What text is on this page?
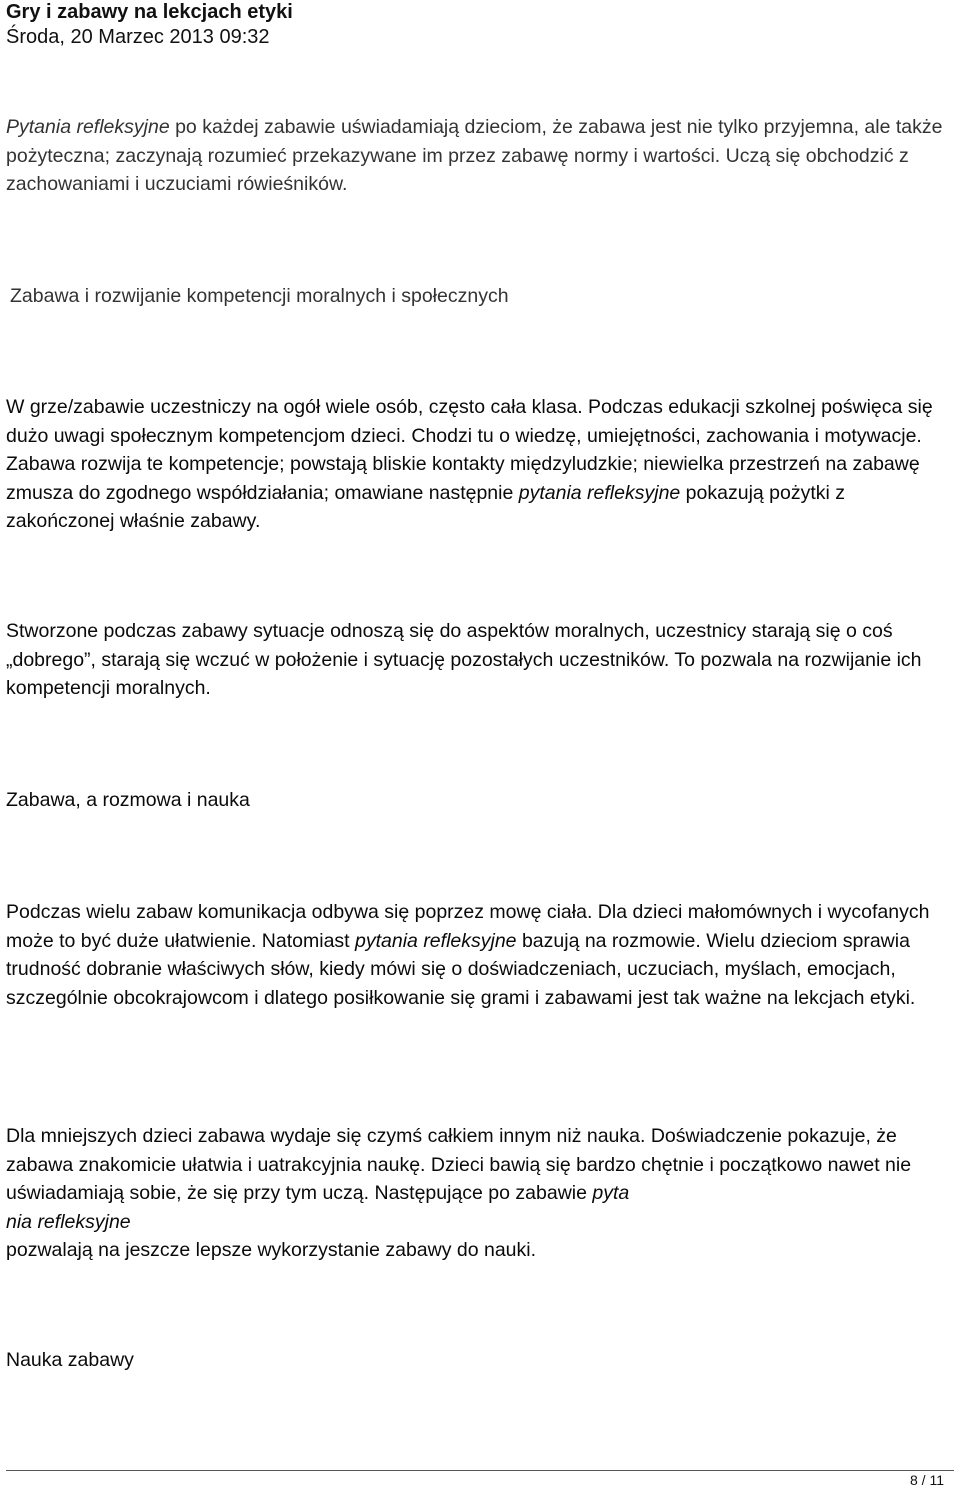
Gry i zabawy na lekcjach etyki
Środa, 20 Marzec 2013 09:32

Pytania refleksyjne po każdej zabawie uświadamiają dzieciom, że zabawa jest nie tylko przyjemna, ale także pożyteczna; zaczynają rozumieć przekazywane im przez zabawę normy i wartości. Uczą się obchodzić z zachowaniami i uczuciami rówieśników.

Zabawa i rozwijanie kompetencji moralnych i społecznych

W grze/zabawie uczestniczy na ogół wiele osób, często cała klasa. Podczas edukacji szkolnej poświęca się dużo uwagi społecznym kompetencjom dzieci. Chodzi tu o wiedzę, umiejętności, zachowania i motywacje. Zabawa rozwija te kompetencje; powstają bliskie kontakty międzyludzkie; niewielka przestrzeń na zabawę zmusza do zgodnego współdziałania; omawiane następnie pytania refleksyjne pokazują pożytki z zakończonej właśnie zabawy.

Stworzone podczas zabawy sytuacje odnoszą się do aspektów moralnych, uczestnicy starają się o coś „dobrego”, starają się wczuć w położenie i sytuację pozostałych uczestników. To pozwala na rozwijanie ich kompetencji moralnych.

Zabawa, a rozmowa i nauka

Podczas wielu zabaw komunikacja odbywa się poprzez mowę ciała. Dla dzieci małomównych i wycofanych może to być duże ułatwienie. Natomiast pytania refleksyjne bazują na rozmowie. Wielu dzieciom sprawia trudność dobranie właściwych słów, kiedy mówi się o doświadczeniach, uczuciach, myślach, emocjach, szczególnie obcokrajowcom i dlatego posiłkowanie się grami i zabawami jest tak ważne na lekcjach etyki.

Dla mniejszych dzieci zabawa wydaje się czymś całkiem innym niż nauka. Doświadczenie pokazuje, że zabawa znakomicie ułatwia i uatrakcyjnia naukę. Dzieci bawią się bardzo chętnie i początkowo nawet nie uświadamiają sobie, że się przy tym uczą. Następujące po zabawie pyta
nia refleksyjne
pozwalają na jeszcze lepsze wykorzystanie zabawy do nauki.

Nauka zabawy

8 / 11
